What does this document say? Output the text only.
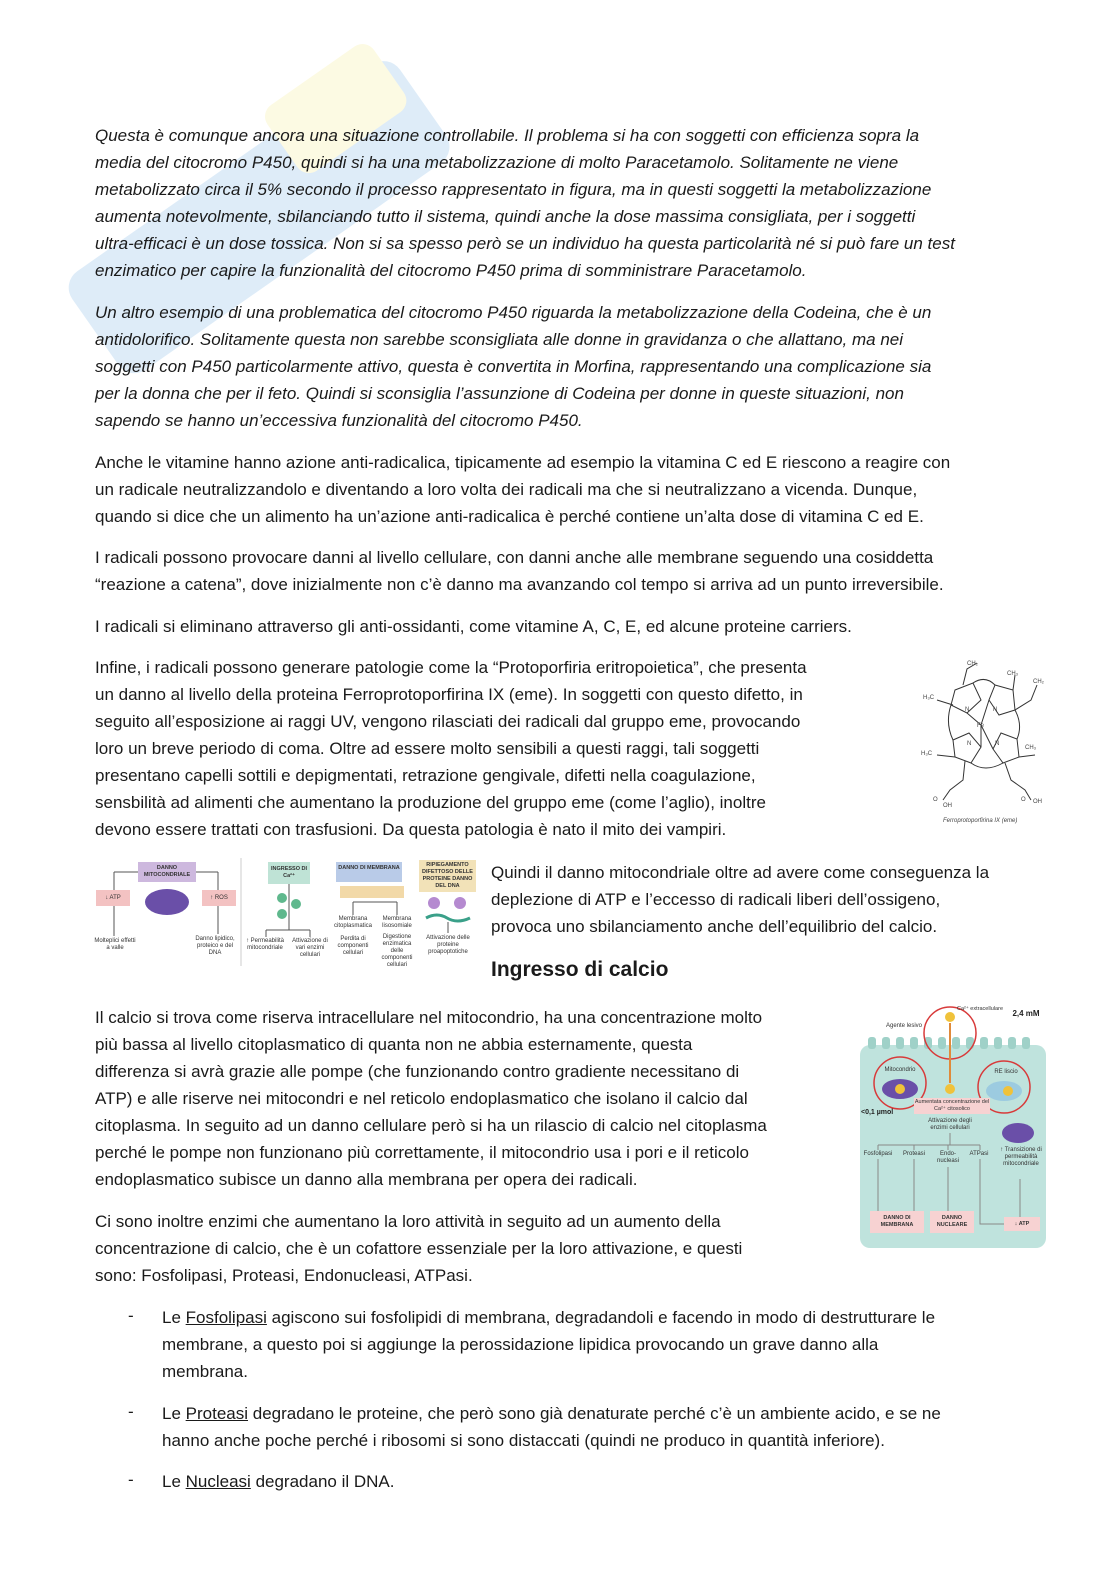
Questa è comunque ancora una situazione controllabile. Il problema si ha con soggetti con efficienza sopra la
media del citocromo P450, quindi si ha una metabolizzazione di molto Paracetamolo. Solitamente ne viene
metabolizzato circa il 5% secondo il processo rappresentato in figura, ma in questi soggetti la metabolizzazione
aumenta notevolmente, sbilanciando tutto il sistema, quindi anche la dose massima consigliata, per i soggetti
ultra-efficaci è un dose tossica. Non si sa spesso però se un individuo ha questa particolarità né si può fare un test
enzimatico per capire la funzionalità del citocromo P450 prima di somministrare Paracetamolo.
Un altro esempio di una problematica del citocromo P450 riguarda la metabolizzazione della Codeina, che è un
antidolorifico. Solitamente questa non sarebbe sconsigliata alle donne in gravidanza o che allattano, ma nei
soggetti con P450 particolarmente attivo, questa è convertita in Morfina, rappresentando una complicazione sia
per la donna che per il feto. Quindi si sconsiglia l’assunzione di Codeina per donne in queste situazioni, non
sapendo se hanno un’eccessiva funzionalità del citocromo P450.
Anche le vitamine hanno azione anti-radicalica, tipicamente ad esempio la vitamina C ed E riescono a reagire con
un radicale neutralizzandolo e diventando a loro volta dei radicali ma che si neutralizzano a vicenda. Dunque,
quando si dice che un alimento ha un’azione anti-radicalica è perché contiene un’alta dose di vitamina C ed E.
I radicali possono provocare danni al livello cellulare, con danni anche alle membrane seguendo una cosiddetta
“reazione a catena”, dove inizialmente non c’è danno ma avanzando col tempo si arriva ad un punto irreversibile.
I radicali si eliminano attraverso gli anti-ossidanti, come vitamine A, C, E, ed alcune proteine carriers.
Infine, i radicali possono generare patologie come la “Protoporfiria eritropoietica”, che presenta
un danno al livello della proteina Ferroprotoporfirina IX (eme). In soggetti con questo difetto, in
seguito all’esposizione ai raggi UV, vengono rilasciati dei radicali dal gruppo eme, provocando
loro un breve periodo di coma. Oltre ad essere molto sensibili a questi raggi, tali soggetti
presentano capelli sottili e depigmentati, retrazione gengivale, difetti nella coagulazione,
sensbilità ad alimenti che aumentano la produzione del gruppo eme (come l’aglio), inoltre
devono essere trattati con trasfusioni. Da questa patologia è nato il mito dei vampiri.
CH₂
CH₃
CH₂
H₃C
N	N
Fe
N	N
H₃C
CH₃
O
OH
O OH
Ferroprotoporfirina IX (eme)
DANNO MITOCONDRIALE
↓ ATP	↑ ROS
Molteplici effetti a valle
Danno lipidico, proteico e del DNA
INGRESSO DI Ca²⁺
↑ Permeabilità mitocondriale
Attivazione di vari enzimi cellulari
DANNO DI MEMBRANA
Membrana citoplasmatica
Membrana lisosomiale
Perdita di componenti cellulari
Digestione enzimatica delle componenti cellulari
RIPIEGAMENTO DIFETTOSO DELLE PROTEINE DANNO DEL DNA
Attivazione delle proteine proapoptotiche
Quindi il danno mitocondriale oltre ad avere come conseguenza la
deplezione di ATP e l’eccesso di radicali liberi dell’ossigeno,
provoca uno sbilanciamento anche dell’equilibrio del calcio.
Ingresso di calcio
Il calcio si trova come riserva intracellulare nel mitocondrio, ha una concentrazione molto
più bassa al livello citoplasmatico di quanta non ne abbia esternamente, questa
differenza si avrà grazie alle pompe (che funzionando contro gradiente necessitano di
ATP) e alle riserve nei mitocondri e nel reticolo endoplasmatico che isolano il calcio dal
citoplasma. In seguito ad un danno cellulare però si ha un rilascio di calcio nel citoplasma
perché le pompe non funzionano più correttamente, il mitocondrio usa i pori e il reticolo
endoplasmatico subisce un danno alla membrana per opera dei radicali.
2,4 mM
Ca²⁺ extracellulare
Agente lesivo
Mitocondrio	RE liscio
Aumentata concentrazione del Ca²⁺ citosolico
<0,1 µmol
Attivazione degli enzimi cellulari
Fosfolipasi	Proteasi	Endo-nucleasi
ATPasi
↑ Transizione di permeabilità mitocondriale
DANNO DI MEMBRANA
DANNO NUCLEARE	↓ ATP
Ci sono inoltre enzimi che aumentano la loro attività in seguito ad un aumento della
concentrazione di calcio, che è un cofattore essenziale per la loro attivazione, e questi
sono: Fosfolipasi, Proteasi, Endonucleasi, ATPasi.
- Le Fosfolipasi agiscono sui fosfolipidi di membrana, degradandoli e facendo in modo di destrutturare le
membrane, a questo poi si aggiunge la perossidazione lipidica provocando un grave danno alla
membrana.
- Le Proteasi degradano le proteine, che però sono già denaturate perché c’è un ambiente acido, e se ne
hanno anche poche perché i ribosomi si sono distaccati (quindi ne produco in quantità inferiore).
- Le Nucleasi degradano il DNA.
